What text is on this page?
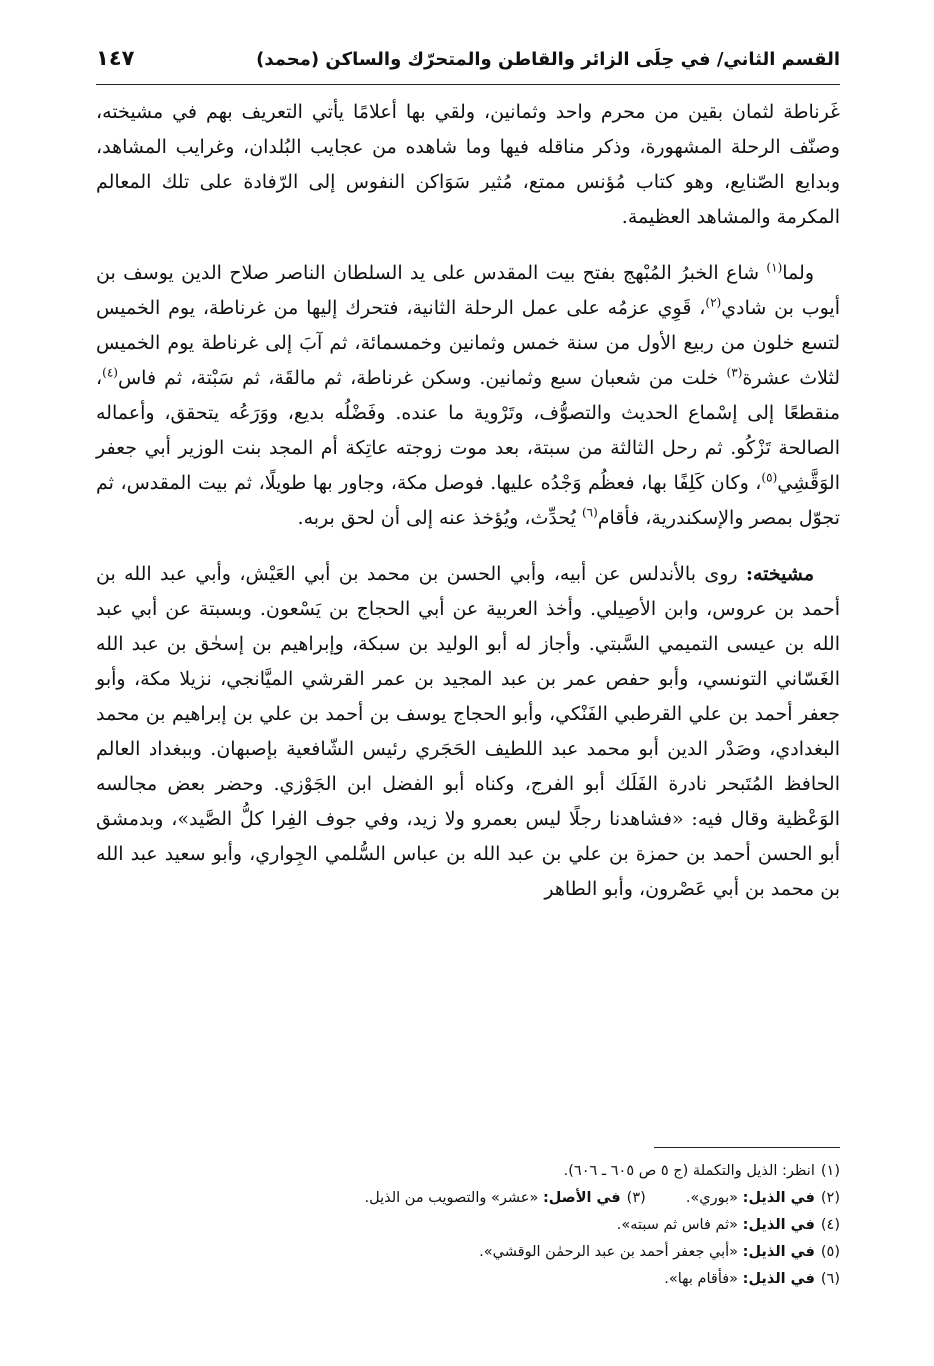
القسم الثاني/ في حِلَى الزائر والقاطن والمتحرّك والساكن (محمد)
١٤٧

غَرناطة لثمان بقين من محرم واحد وثمانين، ولقي بها أعلامًا يأتي التعريف بهم في مشيخته، وصنّف الرحلة المشهورة، وذكر مناقله فيها وما شاهده من عجايب البُلدان، وغرايب المشاهد، وبدايع الصّنايع، وهو كتاب مُؤنس ممتع، مُثير سَوَاكن النفوس إلى الرّفادة على تلك المعالم المكرمة والمشاهد العظيمة.

ولما$^{(١)}$ شاع الخبرُ المُبْهج بفتح بيت المقدس على يد السلطان الناصر صلاح الدين يوسف بن أيوب بن شادي$^{(٢)}$، قَوِي عزمُه على عمل الرحلة الثانية، فتحرك إليها من غرناطة، يوم الخميس لتسع خلون من ربيع الأول من سنة خمس وثمانين وخمسمائة، ثم آبَ إلى غرناطة يوم الخميس لثلاث عشرة$^{(٣)}$ خلت من شعبان سبع وثمانين. وسكن غرناطة، ثم مالقَة، ثم سَبْتة، ثم فاس$^{(٤)}$، منقطعًا إلى إسْماع الحديث والتصوُّف، وتَرْوية ما عنده. وفَضْلُه بديع، ووَرَعُه يتحقق، وأعماله الصالحة تَزْكُو. ثم رحل الثالثة من سبتة، بعد موت زوجته عاتِكة أم المجد بنت الوزير أبي جعفر الوَقَّشِي$^{(٥)}$، وكان كَلِفًا بها، فعظُم وَجْدُه عليها. فوصل مكة، وجاور بها طويلًا، ثم بيت المقدس، ثم تجوّل بمصر والإسكندرية، فأقام$^{(٦)}$ يُحدِّث، ويُؤخذ عنه إلى أن لحق بربه.

مشيخته: روى بالأندلس عن أبيه، وأبي الحسن بن محمد بن أبي العَيْش، وأبي عبد الله بن أحمد بن عروس، وابن الأصِيلي. وأخذ العربية عن أبي الحجاج بن يَسْعون. وبسبتة عن أبي عبد الله بن عيسى التميمي السَّبتي. وأجاز له أبو الوليد بن سبكة، وإبراهيم بن إسحٰق بن عبد الله الغَسّاني التونسي، وأبو حفص عمر بن عبد المجيد بن عمر القرشي الميَّانجي، نزيلا مكة، وأبو جعفر أحمد بن علي القرطبي الفَنْكي، وأبو الحجاج يوسف بن أحمد بن علي بن إبراهيم بن محمد البغدادي، وصَدْر الدين أبو محمد عبد اللطيف الحَجَري رئيس الشّافعية بإصبهان. وببغداد العالم الحافظ المُتَبحر نادرة الفَلَك أبو الفرج، وكناه أبو الفضل ابن الجَوْزي. وحضر بعض مجالسه الوَعْظية وقال فيه: «فشاهدنا رجلًا ليس بعمرو ولا زيد، وفي جوف الفِرا كلُّ الصَّيد»، وبدمشق أبو الحسن أحمد بن حمزة بن علي بن عبد الله بن عباس السُّلمي الجِواري، وأبو سعيد عبد الله بن محمد بن أبي عَصْرون، وأبو الطاهر

(١)انظر: الذيل والتكملة (ج ٥ ص ٦٠٥ ـ ٦٠٦).
(٢)في الذيل: «بوري».
(٣)في الأصل: «عشر» والتصويب من الذيل.
(٤)في الذيل: «ثم فاس ثم سبته».
(٥)في الذيل: «أبي جعفر أحمد بن عبد الرحمٰن الوقشي».
(٦)في الذيل: «فأقام بها».
